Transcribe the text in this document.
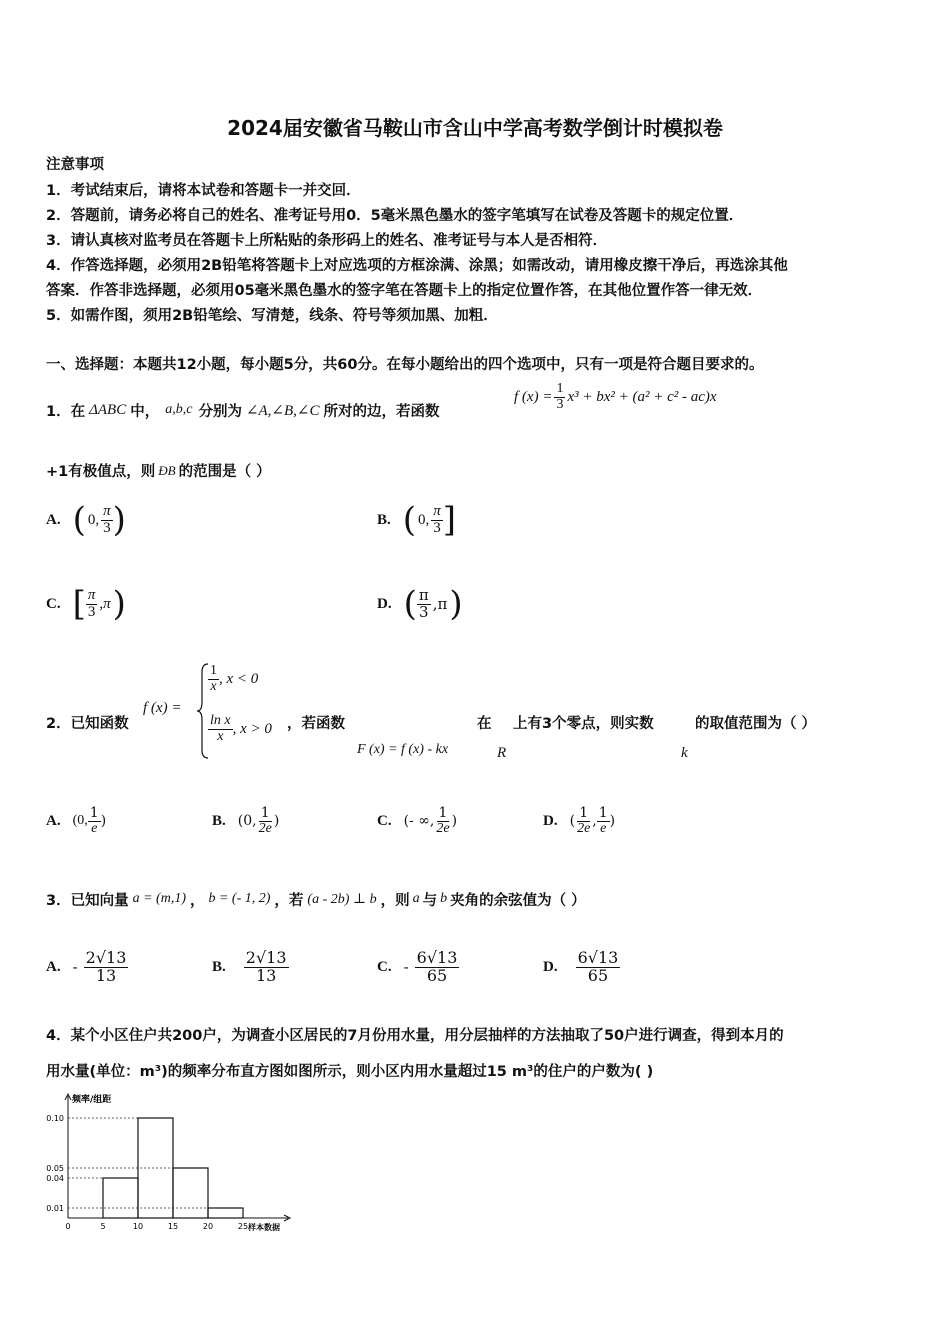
2024届安徽省马鞍山市含山中学高考数学倒计时模拟卷
注意事项
1．考试结束后，请将本试卷和答题卡一并交回．
2．答题前，请务必将自己的姓名、准考证号用0．5毫米黑色墨水的签字笔填写在试卷及答题卡的规定位置．
3．请认真核对监考员在答题卡上所粘贴的条形码上的姓名、准考证号与本人是否相符．
4．作答选择题，必须用2B铅笔将答题卡上对应选项的方框涂满、涂黑；如需改动，请用橡皮擦干净后，再选涂其他
答案．作答非选择题，必须用05毫米黑色墨水的签字笔在答题卡上的指定位置作答，在其他位置作答一律无效．
5．如需作图，须用2B铅笔绘、写清楚，线条、符号等须加黑、加粗．
一、选择题：本题共12小题，每小题5分，共60分。在每小题给出的四个选项中，只有一项是符合题目要求的。
1．在 ΔABC 中， a,b,c 分别为 ∠A,∠B,∠C 所对的边，若函数
f $(x) = \frac{1}{3} x^3 + bx^2 + (a^2 + c^2 - ac)x$
+1有极值点，则 ÐB 的范围是（ ）
A. ( 0, $\frac{\pi}{3}$ )	B. ( 0, $\frac{\pi}{3}$ ]
C. [ $\frac{\pi}{3} ,\pi$ )	D. ( $\frac{\pi}{3} ,\pi$ )
2．已知函数
f (x) =
$\frac{1}{x}$ , x < 0
$\frac{\text{ln x}}{x}$ , x > 0 ，若函数
F (x) = f (x) - kx
在
R
上有3个零点，则实数
k
的取值范围为（ ）
A. (0, $\frac{1}{e}$ )	B. (0, $\frac{1}{2e}$ )	C. (- ∞, $\frac{1}{2e}$ )	D. ( $\frac{1}{2e}$ , $\frac{1}{e}$ )
3．已知向量 a = (m,1) ， b = (- 1, 2) ，若 (a - 2b) ⊥ b ，则 a 与 b 夹角的余弦值为（ ）
A. - $\frac{2√13}{13}$	B. $\frac{2√13}{13}$	C. - $\frac{6√13}{65}$	D. $\frac{6√13}{65}$
4．某个小区住户共200户，为调查小区居民的7月份用水量，用分层抽样的方法抽取了50户进行调查，得到本月的
用水量(单位：m³)的频率分布直方图如图所示，则小区内用水量超过15 m³的住户的户数为( )
频率/组距
样本数据
0.01
0.04
0.05
0.10
0	5	10	15	20	25
